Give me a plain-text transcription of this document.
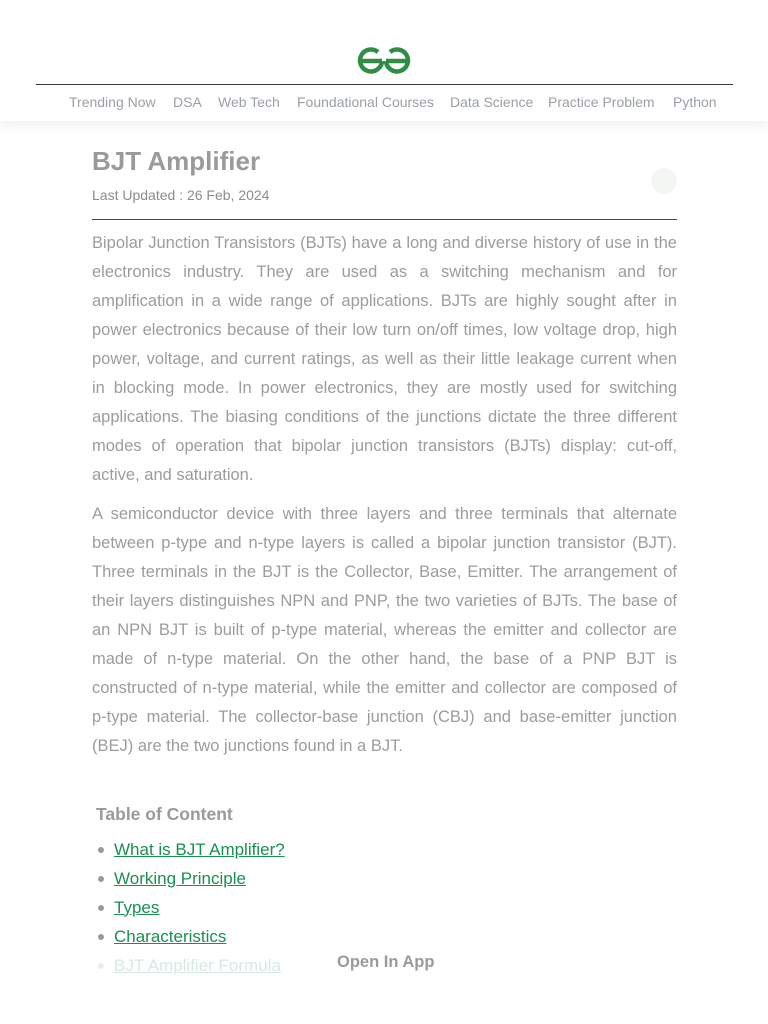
Trending Now DSA Web Tech Foundational Courses Data Science Practice Problem Python
BJT Amplifier
Last Updated : 26 Feb, 2024

Bipolar Junction Transistors (BJTs) have a long and diverse history of use in the electronics industry. They are used as a switching mechanism and for amplification in a wide range of applications. BJTs are highly sought after in power electronics because of their low turn on/off times, low voltage drop, high power, voltage, and current ratings, as well as their little leakage current when in blocking mode. In power electronics, they are mostly used for switching applications. The biasing conditions of the junctions dictate the three different modes of operation that bipolar junction transistors (BJTs) display: cut-off, active, and saturation.

A semiconductor device with three layers and three terminals that alternate between p-type and n-type layers is called a bipolar junction transistor (BJT). Three terminals in the BJT is the Collector, Base, Emitter. The arrangement of their layers distinguishes NPN and PNP, the two varieties of BJTs. The base of an NPN BJT is built of p-type material, whereas the emitter and collector are made of n-type material. On the other hand, the base of a PNP BJT is constructed of n-type material, while the emitter and collector are composed of p-type material. The collector-base junction (CBJ) and base-emitter junction (BEJ) are the two junctions found in a BJT.

Table of Content
What is BJT Amplifier?
Working Principle
Types
Characteristics
BJT Amplifier Formula	Open In App
